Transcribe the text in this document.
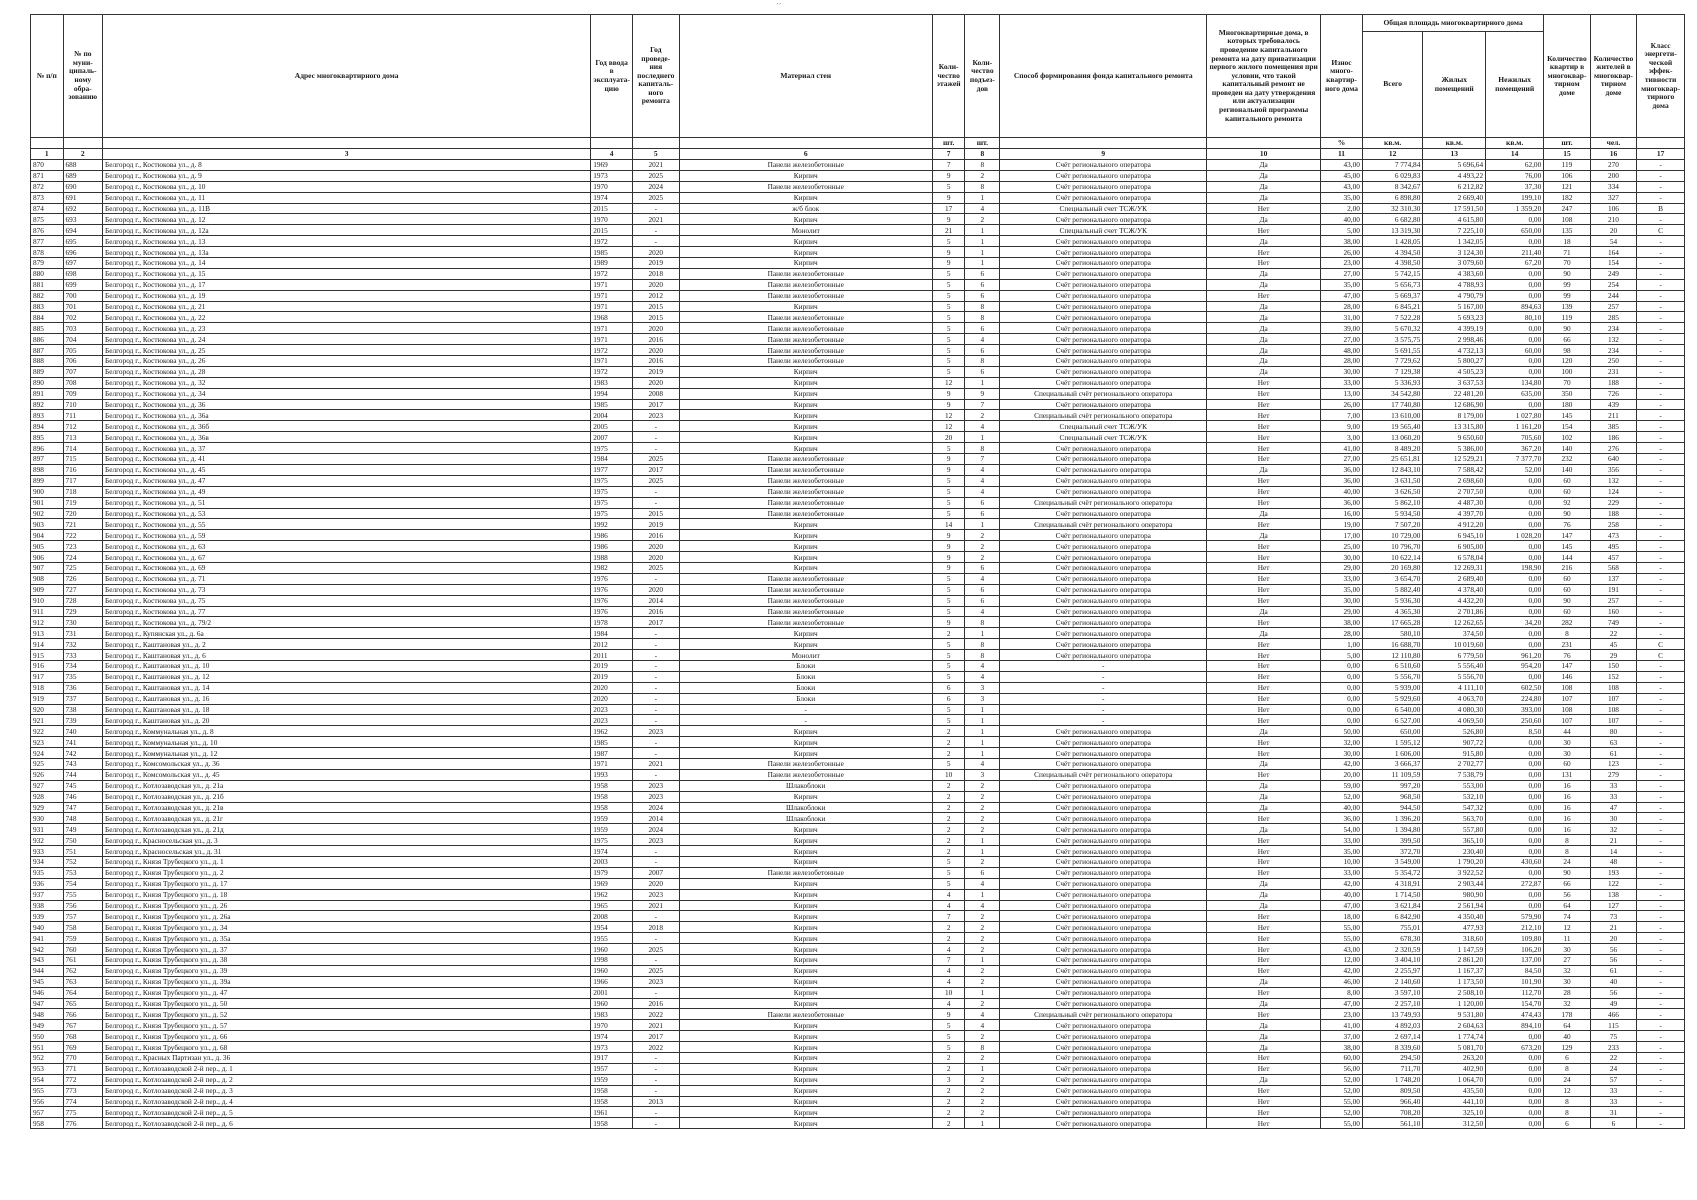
´´
№ п/п	№ по муни-ципаль-ному обра-зованию	Адрес многоквартирного дома	Год ввода в эксплуата-цию	Год проведе-ния последнего капиталь-ного ремонта	Материал стен	Коли-чество этажей	Коли-чество подъез-дов	Способ формирования фонда капитального ремонта	Многоквартирные дома, в которых требовалось проведение капитального ремонта на дату приватизации первого жилого помещения при условии, что такой капитальный ремонт не проведен на дату утверждения или актуализации региональной программы капитального ремонта	Износ много-квартир-ного дома	Общая площадь многоквартирного дома			Количество квартир в многоквар-тирном доме	Количество жителей в многоквар-тирном доме	Класс энергети-ческой эффек-тивности многоквар-тирного дома
											Всего	Жилых помещений	Нежилых помещений			
						шт.	шт.			%	кв.м.	кв.м.	кв.м.	шт.	чел.	
1	2	3	4	5	6	7	8	9	10	11	12	13	14	15	16	17
870	688	Белгород г., Костюкова ул., д. 8	1969	2021	Панели железобетонные	7	8	Счёт регионального оператора	Да	43,00	7 774,84	5 696,64	62,00	119	270	-
871	689	Белгород г., Костюкова ул., д. 9	1973	2025	Кирпич	9	2	Счёт регионального оператора	Да	45,00	6 029,83	4 493,22	76,00	106	200	-
872	690	Белгород г., Костюкова ул., д. 10	1970	2024	Панели железобетонные	5	8	Счёт регионального оператора	Да	43,00	8 342,67	6 212,82	37,30	121	334	-
873	691	Белгород г., Костюкова ул., д. 11	1974	2025	Кирпич	9	1	Счёт регионального оператора	Да	35,00	6 898,80	2 669,40	199,10	182	327	-
874	692	Белгород г., Костюкова ул., д. 11В	2015	-	ж/б блок	17	4	Специальный счет ТСЖ/УК	Нет	2,00	32 310,30	17 591,50	1 359,20	247	106	В
875	693	Белгород г., Костюкова ул., д. 12	1970	2021	Кирпич	9	2	Счёт регионального оператора	Да	40,00	6 682,80	4 615,80	0,00	108	210	-
876	694	Белгород г., Костюкова ул., д. 12а	2015	-	Монолит	21	1	Специальный счет ТСЖ/УК	Нет	5,00	13 319,30	7 225,10	650,00	135	20	С
877	695	Белгород г., Костюкова ул., д. 13	1972	-	Кирпич	5	1	Счёт регионального оператора	Да	38,00	1 428,05	1 342,05	0,00	18	54	-
878	696	Белгород г., Костюкова ул., д. 13а	1985	2020	Кирпич	9	1	Счёт регионального оператора	Нет	26,00	4 394,50	3 124,30	211,40	71	164	-
879	697	Белгород г., Костюкова ул., д. 14	1989	2019	Кирпич	9	1	Счёт регионального оператора	Нет	23,00	4 398,50	3 079,60	67,20	70	154	-
880	698	Белгород г., Костюкова ул., д. 15	1972	2018	Панели железобетонные	5	6	Счёт регионального оператора	Да	27,00	5 742,15	4 383,60	0,00	90	249	-
881	699	Белгород г., Костюкова ул., д. 17	1971	2020	Панели железобетонные	5	6	Счёт регионального оператора	Да	35,00	5 656,73	4 788,93	0,00	99	254	-
882	700	Белгород г., Костюкова ул., д. 19	1971	2012	Панели железобетонные	5	6	Счёт регионального оператора	Нет	47,00	5 669,37	4 790,79	0,00	99	244	-
883	701	Белгород г., Костюкова ул., д. 21	1971	2015	Кирпич	5	8	Счёт регионального оператора	Да	28,00	6 845,21	5 167,00	894,63	139	257	-
884	702	Белгород г., Костюкова ул., д. 22	1968	2015	Панели железобетонные	5	8	Счёт регионального оператора	Да	31,00	7 522,28	5 693,23	80,10	119	285	-
885	703	Белгород г., Костюкова ул., д. 23	1971	2020	Панели железобетонные	5	6	Счёт регионального оператора	Да	39,00	5 670,32	4 399,19	0,00	90	234	-
886	704	Белгород г., Костюкова ул., д. 24	1971	2016	Панели железобетонные	5	4	Счёт регионального оператора	Да	27,00	3 575,75	2 998,46	0,00	66	132	-
887	705	Белгород г., Костюкова ул., д. 25	1972	2020	Панели железобетонные	5	6	Счёт регионального оператора	Да	48,00	5 691,55	4 732,13	60,00	98	234	-
888	706	Белгород г., Костюкова ул., д. 26	1971	2016	Панели железобетонные	5	8	Счёт регионального оператора	Да	28,00	7 729,62	5 800,27	0,00	120	250	-
889	707	Белгород г., Костюкова ул., д. 28	1972	2019	Кирпич	5	6	Счёт регионального оператора	Да	30,00	7 129,38	4 505,23	0,00	100	231	-
890	708	Белгород г., Костюкова ул., д. 32	1983	2020	Кирпич	12	1	Счёт регионального оператора	Нет	33,00	5 336,93	3 637,53	134,80	70	188	-
891	709	Белгород г., Костюкова ул., д. 34	1994	2008	Кирпич	9	9	Специальный счёт регионального оператора	Нет	13,00	34 542,80	22 481,20	635,00	350	726	-
892	710	Белгород г., Костюкова ул., д. 36	1985	2017	Кирпич	9	7	Счёт регионального оператора	Нет	26,00	17 740,80	12 686,90	0,00	180	439	-
893	711	Белгород г., Костюкова ул., д. 36а	2004	2023	Кирпич	12	2	Специальный счёт регионального оператора	Нет	7,00	13 610,00	8 179,00	1 027,80	145	211	-
894	712	Белгород г., Костюкова ул., д. 36б	2005	-	Кирпич	12	4	Специальный счет ТСЖ/УК	Нет	9,00	19 565,40	13 315,80	1 161,20	154	385	-
895	713	Белгород г., Костюкова ул., д. 36в	2007	-	Кирпич	20	1	Специальный счет ТСЖ/УК	Нет	3,00	13 060,20	9 650,60	705,60	102	186	-
896	714	Белгород г., Костюкова ул., д. 37	1975	-	Кирпич	5	8	Счёт регионального оператора	Нет	41,00	8 489,20	5 386,00	367,20	140	276	-
897	715	Белгород г., Костюкова ул., д. 41	1984	2025	Панели железобетонные	9	7	Счёт регионального оператора	Нет	27,00	25 651,81	12 529,21	7 377,70	232	640	-
898	716	Белгород г., Костюкова ул., д. 45	1977	2017	Панели железобетонные	9	4	Счёт регионального оператора	Да	36,00	12 843,10	7 588,42	52,00	140	356	-
899	717	Белгород г., Костюкова ул., д. 47	1975	2025	Панели железобетонные	5	4	Счёт регионального оператора	Нет	36,00	3 631,50	2 698,60	0,00	60	132	-
900	718	Белгород г., Костюкова ул., д. 49	1975	-	Панели железобетонные	5	4	Счёт регионального оператора	Нет	40,00	3 626,50	2 707,50	0,00	60	124	-
901	719	Белгород г., Костюкова ул., д. 51	1975	-	Панели железобетонные	5	6	Специальный счёт регионального оператора	Нет	36,00	5 862,10	4 487,30	0,00	92	229	-
902	720	Белгород г., Костюкова ул., д. 53	1975	2015	Панели железобетонные	5	6	Счёт регионального оператора	Да	16,00	5 934,50	4 397,70	0,00	90	188	-
903	721	Белгород г., Костюкова ул., д. 55	1992	2019	Кирпич	14	1	Специальный счёт регионального оператора	Нет	19,00	7 507,20	4 912,20	0,00	76	258	-
904	722	Белгород г., Костюкова ул., д. 59	1986	2016	Кирпич	9	2	Счёт регионального оператора	Да	17,00	10 729,00	6 945,10	1 028,20	147	473	-
905	723	Белгород г., Костюкова ул., д. 63	1986	2020	Кирпич	9	2	Счёт регионального оператора	Нет	25,00	10 796,70	6 905,00	0,00	145	495	-
906	724	Белгород г., Костюкова ул., д. 67	1988	2020	Кирпич	9	2	Счёт регионального оператора	Нет	30,00	10 622,14	6 578,04	0,00	144	457	-
907	725	Белгород г., Костюкова ул., д. 69	1982	2025	Кирпич	9	6	Счёт регионального оператора	Нет	29,00	20 169,80	12 269,31	198,90	216	568	-
908	726	Белгород г., Костюкова ул., д. 71	1976	-	Панели железобетонные	5	4	Счёт регионального оператора	Нет	33,00	3 654,70	2 689,40	0,00	60	137	-
909	727	Белгород г., Костюкова ул., д. 73	1976	2020	Панели железобетонные	5	6	Счёт регионального оператора	Нет	35,00	5 882,40	4 378,40	0,00	60	191	-
910	728	Белгород г., Костюкова ул., д. 75	1976	2014	Панели железобетонные	5	6	Счёт регионального оператора	Нет	30,00	5 936,30	4 432,20	0,00	90	257	-
911	729	Белгород г., Костюкова ул., д. 77	1976	2016	Панели железобетонные	5	4	Счёт регионального оператора	Да	29,00	4 365,30	2 701,86	0,00	60	160	-
912	730	Белгород г., Костюкова ул., д. 79/2	1978	2017	Панели железобетонные	9	8	Счёт регионального оператора	Нет	38,00	17 665,28	12 262,65	34,20	282	749	-
913	731	Белгород г., Купянская ул., д. 6а	1984	-	Кирпич	2	1	Счёт регионального оператора	Да	28,00	580,10	374,50	0,00	8	22	-
914	732	Белгород г., Каштановая ул., д. 2	2012	-	Кирпич	5	8	Счёт регионального оператора	Нет	1,00	16 688,70	10 019,60	0,00	231	45	С
915	733	Белгород г., Каштановая ул., д. 6	2011	-	Монолит	5	8	Счёт регионального оператора	Нет	5,00	12 110,80	6 779,50	961,20	76	29	С
916	734	Белгород г., Каштановая ул., д. 10	2019	-	Блоки	5	4	-	Нет	0,00	6 510,60	5 556,40	954,20	147	150	-
917	735	Белгород г., Каштановая ул., д. 12	2019	-	Блоки	5	4	-	Нет	0,00	5 556,70	5 556,70	0,00	146	152	-
918	736	Белгород г., Каштановая ул., д. 14	2020	-	Блоки	6	3	-	Нет	0,00	5 939,00	4 111,10	602,50	108	108	-
919	737	Белгород г., Каштановая ул., д. 16	2020	-	Блоки	6	3	-	Нет	0,00	5 929,60	4 063,70	224,80	107	107	-
920	738	Белгород г., Каштановая ул., д. 18	2023	-	-	5	1	-	Нет	0,00	6 540,00	4 080,30	393,00	108	108	-
921	739	Белгород г., Каштановая ул., д. 20	2023	-	-	5	1	-	Нет	0,00	6 527,00	4 069,50	250,60	107	107	-
922	740	Белгород г., Коммунальная ул., д. 8	1962	2023	Кирпич	2	1	Счёт регионального оператора	Да	50,00	650,00	526,80	8,50	44	80	-
923	741	Белгород г., Коммунальная ул., д. 10	1985	-	Кирпич	2	1	Счёт регионального оператора	Нет	32,00	1 595,12	907,72	0,00	30	63	-
924	742	Белгород г., Коммунальная ул., д. 12	1987	-	Кирпич	2	1	Счёт регионального оператора	Нет	30,00	1 606,00	915,80	0,00	30	61	-
925	743	Белгород г., Комсомольская ул., д. 36	1971	2021	Панели железобетонные	5	4	Счёт регионального оператора	Да	42,00	3 666,37	2 702,77	0,00	60	123	-
926	744	Белгород г., Комсомольская ул., д. 45	1993	-	Панели железобетонные	10	3	Специальный счёт регионального оператора	Нет	20,00	11 109,59	7 538,79	0,00	131	279	-
927	745	Белгород г., Котлозаводская ул., д. 21а	1958	2023	Шлакоблоки	2	2	Счёт регионального оператора	Да	59,00	997,20	553,00	0,00	16	33	-
928	746	Белгород г., Котлозаводская ул., д. 21б	1958	2023	Кирпич	2	2	Счёт регионального оператора	Да	52,00	968,50	532,10	0,00	16	33	-
929	747	Белгород г., Котлозаводская ул., д. 21в	1958	2024	Шлакоблоки	2	2	Счёт регионального оператора	Да	40,00	944,50	547,32	0,00	16	47	-
930	748	Белгород г., Котлозаводская ул., д. 21г	1959	2014	Шлакоблоки	2	2	Счёт регионального оператора	Нет	36,00	1 396,20	563,70	0,00	16	30	-
931	749	Белгород г., Котлозаводская ул., д. 21д	1959	2024	Кирпич	2	2	Счёт регионального оператора	Да	54,00	1 394,80	557,80	0,00	16	32	-
932	750	Белгород г., Красносельская ул., д. 3	1975	2023	Кирпич	2	1	Счёт регионального оператора	Нет	33,00	399,50	365,10	0,00	8	21	-
933	751	Белгород г., Красносельская ул., д. 31	1974	-	Кирпич	2	1	Счёт регионального оператора	Нет	35,00	372,70	230,40	0,00	8	14	-
934	752	Белгород г., Князя Трубецкого ул., д. 1	2003	-	Кирпич	5	2	Счёт регионального оператора	Нет	10,00	3 549,00	1 790,20	430,60	24	48	-
935	753	Белгород г., Князя Трубецкого ул., д. 2	1979	2007	Панели железобетонные	5	6	Счёт регионального оператора	Нет	33,00	5 354,72	3 922,52	0,00	90	193	-
936	754	Белгород г., Князя Трубецкого ул., д. 17	1969	2020	Кирпич	5	4	Счёт регионального оператора	Да	42,00	4 318,91	2 903,44	272,87	66	122	-
937	755	Белгород г., Князя Трубецкого ул., д. 18	1962	2023	Кирпич	4	1	Счёт регионального оператора	Да	40,00	1 714,50	980,90	0,00	56	138	-
938	756	Белгород г., Князя Трубецкого ул., д. 26	1965	2021	Кирпич	4	4	Счёт регионального оператора	Да	47,00	3 621,84	2 561,94	0,00	64	127	-
939	757	Белгород г., Князя Трубецкого ул., д. 26а	2008	-	Кирпич	7	2	Счёт регионального оператора	Нет	18,00	6 842,90	4 350,40	579,90	74	73	-
940	758	Белгород г., Князя Трубецкого ул., д. 34	1954	2018	Кирпич	2	2	Счёт регионального оператора	Нет	55,00	755,01	477,93	212,10	12	21	-
941	759	Белгород г., Князя Трубецкого ул., д. 35а	1955	-	Кирпич	2	2	Счёт регионального оператора	Нет	55,00	678,30	318,60	109,80	11	20	-
942	760	Белгород г., Князя Трубецкого ул., д. 37	1960	2025	Кирпич	4	2	Счёт регионального оператора	Нет	43,00	2 320,59	1 147,59	106,20	30	56	-
943	761	Белгород г., Князя Трубецкого ул., д. 38	1998	-	Кирпич	7	1	Счёт регионального оператора	Нет	12,00	3 404,10	2 861,20	137,00	27	56	-
944	762	Белгород г., Князя Трубецкого ул., д. 39	1960	2025	Кирпич	4	2	Счёт регионального оператора	Нет	42,00	2 255,97	1 167,37	84,50	32	61	-
945	763	Белгород г., Князя Трубецкого ул., д. 39а	1966	2023	Кирпич	4	2	Счёт регионального оператора	Да	46,00	2 140,60	1 173,50	101,90	30	40	-
946	764	Белгород г., Князя Трубецкого ул., д. 47	2001	-	Кирпич	10	1	Счёт регионального оператора	Нет	8,00	3 597,10	2 508,10	112,70	28	56	-
947	765	Белгород г., Князя Трубецкого ул., д. 50	1960	2016	Кирпич	4	2	Счёт регионального оператора	Да	47,00	2 257,10	1 120,00	154,70	32	49	-
948	766	Белгород г., Князя Трубецкого ул., д. 52	1983	2022	Панели железобетонные	9	4	Специальный счёт регионального оператора	Нет	23,00	13 749,93	9 531,80	474,43	178	466	-
949	767	Белгород г., Князя Трубецкого ул., д. 57	1970	2021	Кирпич	5	4	Счёт регионального оператора	Да	41,00	4 892,03	2 604,63	894,10	64	115	-
950	768	Белгород г., Князя Трубецкого ул., д. 66	1974	2017	Кирпич	5	2	Счёт регионального оператора	Да	37,00	2 697,14	1 774,74	0,00	40	75	-
951	769	Белгород г., Князя Трубецкого ул., д. 68	1973	2022	Кирпич	5	8	Счёт регионального оператора	Да	38,00	8 339,60	5 081,70	673,20	129	233	-
952	770	Белгород г., Красных Партизан ул., д. 36	1917	-	Кирпич	2	2	Счёт регионального оператора	Нет	60,00	294,50	263,20	0,00	6	22	-
953	771	Белгород г., Котлозаводской 2-й пер., д. 1	1957	-	Кирпич	2	1	Счёт регионального оператора	Нет	56,00	711,70	402,90	0,00	8	24	-
954	772	Белгород г., Котлозаводской 2-й пер., д. 2	1959	-	Кирпич	3	2	Счёт регионального оператора	Да	52,00	1 748,20	1 064,70	0,00	24	57	-
955	773	Белгород г., Котлозаводской 2-й пер., д. 3	1958	-	Кирпич	2	2	Счёт регионального оператора	Нет	52,00	809,50	435,50	0,00	12	33	-
956	774	Белгород г., Котлозаводской 2-й пер., д. 4	1958	2013	Кирпич	2	2	Счёт регионального оператора	Нет	55,00	966,40	441,10	0,00	8	33	-
957	775	Белгород г., Котлозаводской 2-й пер., д. 5	1961	-	Кирпич	2	2	Счёт регионального оператора	Нет	52,00	708,20	325,10	0,00	8	31	-
958	776	Белгород г., Котлозаводской 2-й пер., д. 6	1958	-	Кирпич	2	1	Счёт регионального оператора	Нет	55,00	561,10	312,50	0,00	6	6	-
